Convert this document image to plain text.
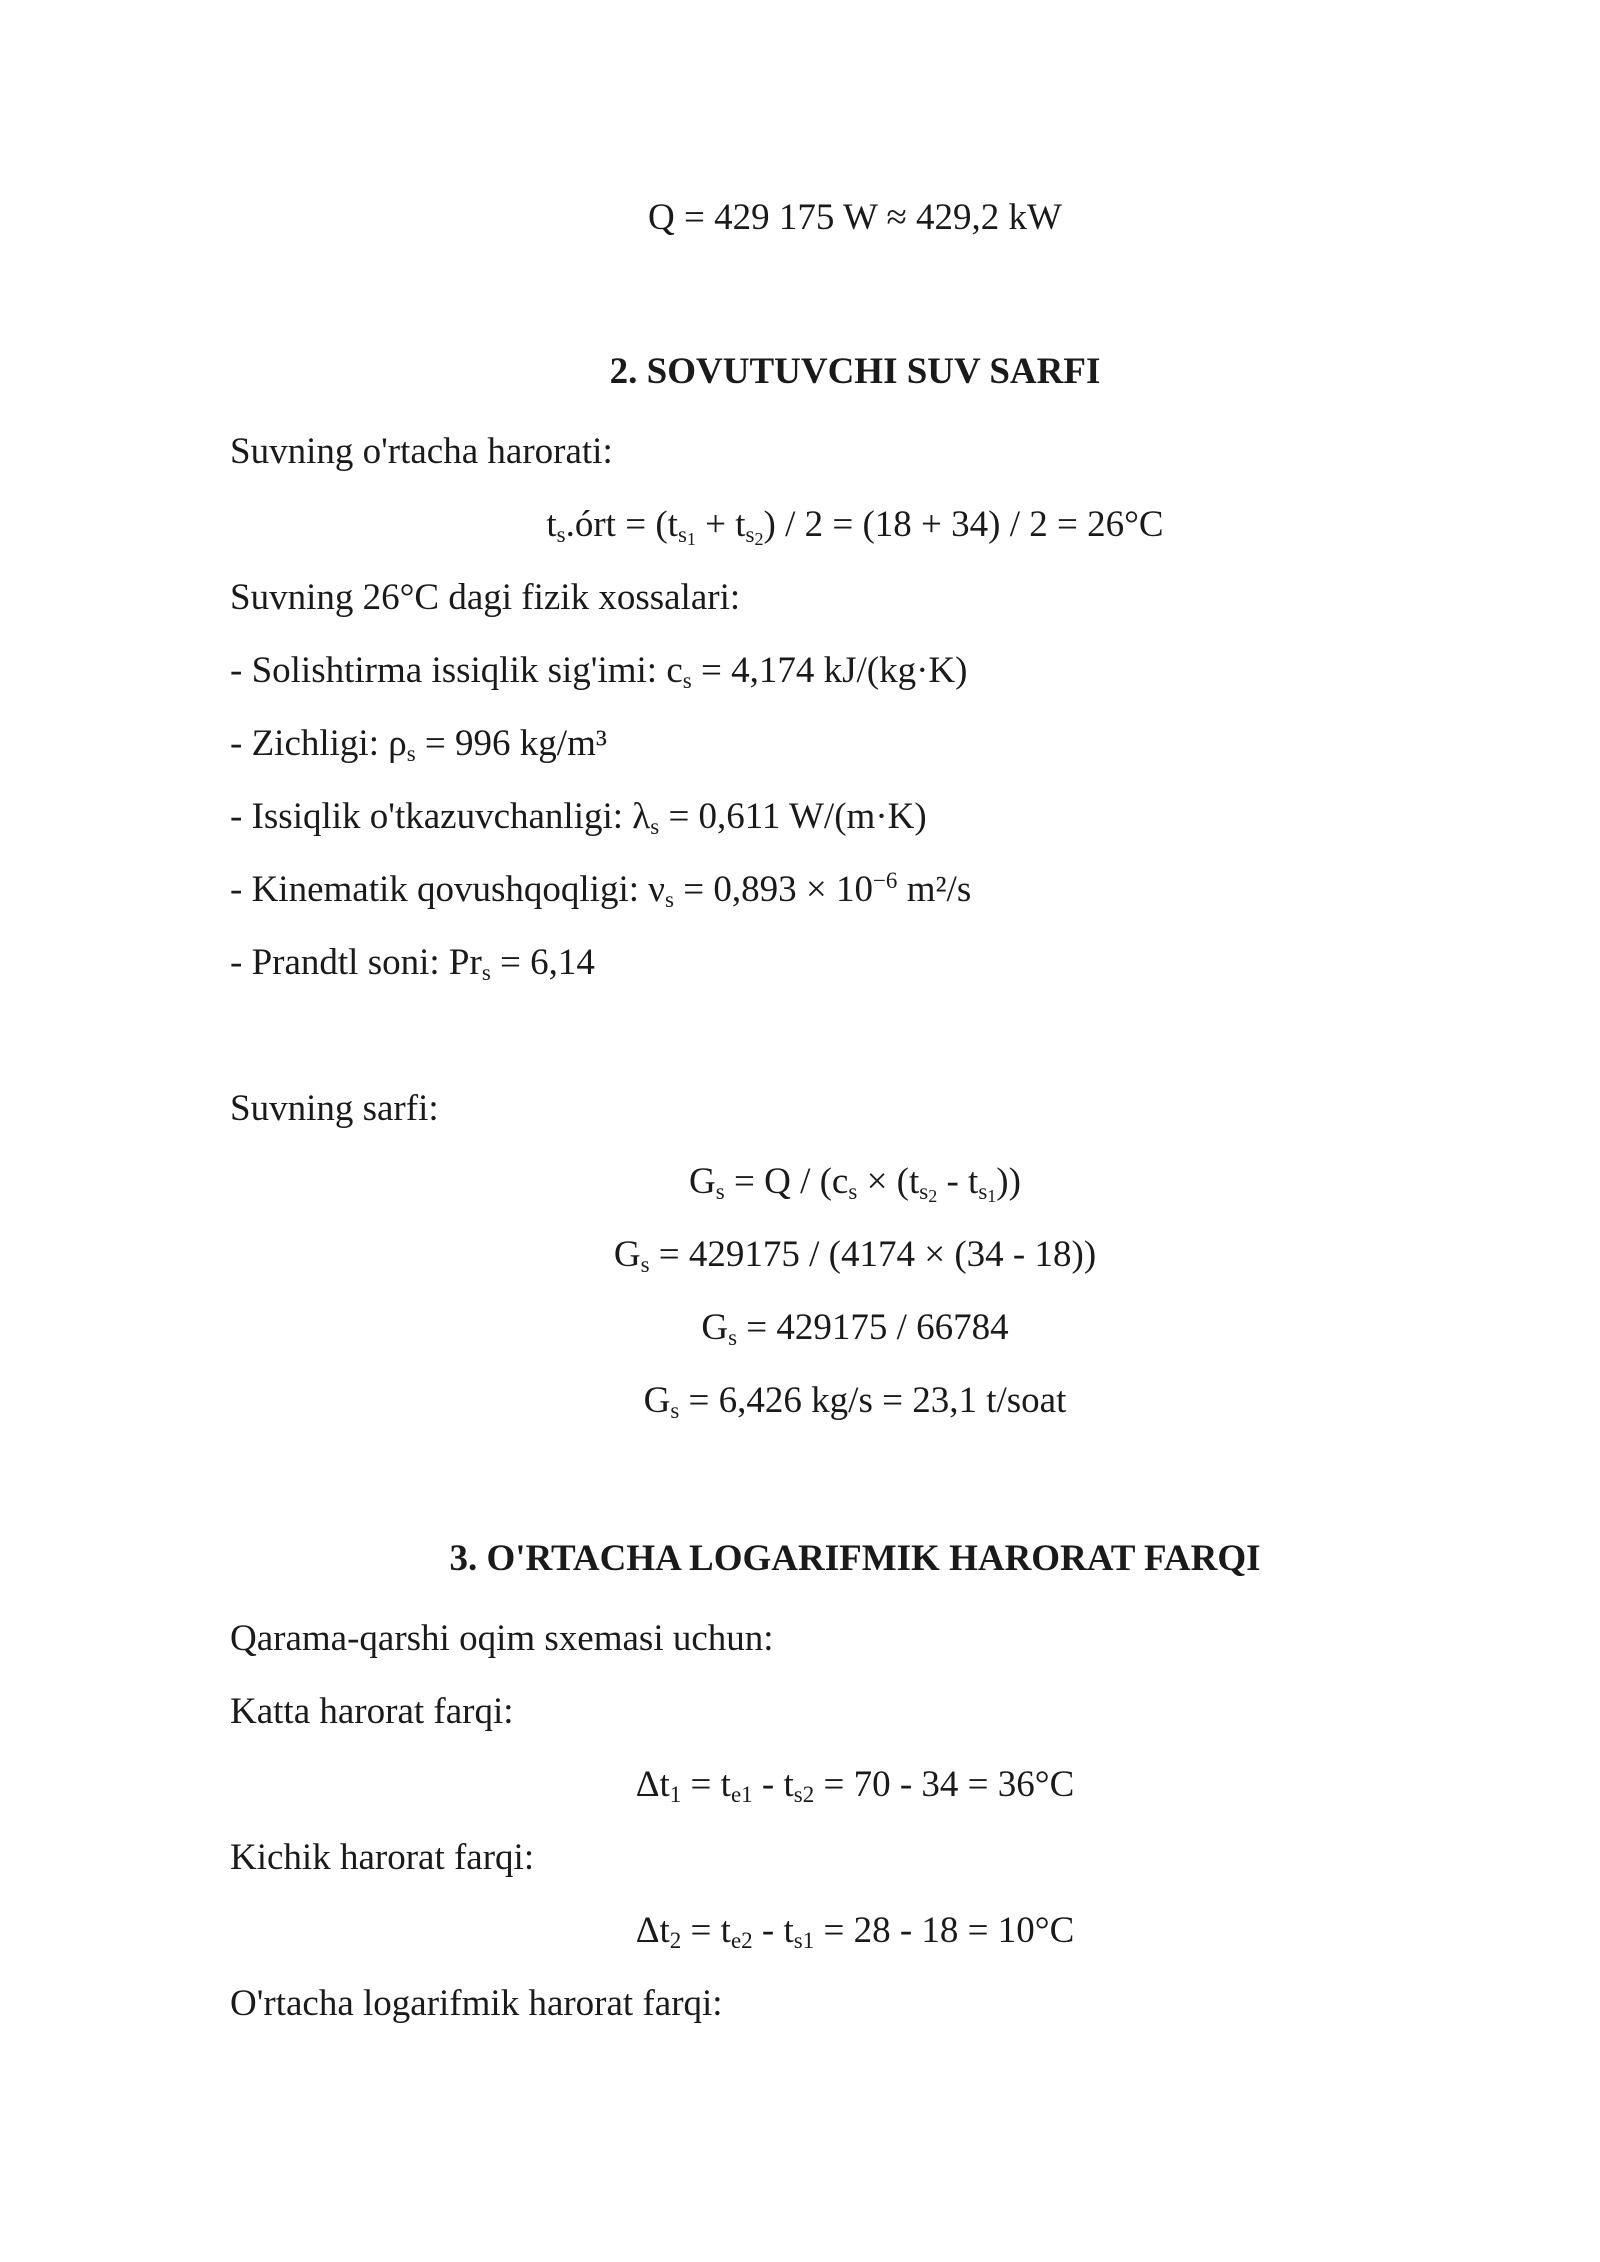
Q = 429 175 W ≈ 429,2 kW
2. SOVUTUVCHI SUV SARFI
Suvning o'rtacha harorati:
$t_s.órt = (t_{s_1} + t_{s_2}) / 2 = (18 + 34) / 2 = 26^\circ C$
Suvning 26°C dagi fizik xossalari:
- Solishtirma issiqlik sig'imi: $c_s = 4,174$ kJ/(kg·K)
- Zichligi: $\rho_s = 996$ kg/m³
- Issiqlik o'tkazuvchanligi: $\lambda_s = 0,611$ W/(m·K)
- Kinematik qovushqoqligi: $\nu_s = 0,893 \times 10^{-6}$ m²/s
- Prandtl soni: $Pr_s = 6,14$
Suvning sarfi:
$G_s = Q / (c_s \times (t_{s_2} - t_{s_1}))$
$G_s = 429175 / (4174 \times (34 - 18))$
$G_s = 429175 / 66784$
$G_s = 6,426$ kg/s = 23,1 t/soat
3. O'RTACHA LOGARIFMIK HARORAT FARQI
Qarama-qarshi oqim sxemasi uchun:
Katta harorat farqi:
$\Delta t_1 = t_{e1} - t_{s2} = 70 - 34 = 36^\circ C$
Kichik harorat farqi:
$\Delta t_2 = t_{e2} - t_{s1} = 28 - 18 = 10^\circ C$
O'rtacha logarifmik harorat farqi:
